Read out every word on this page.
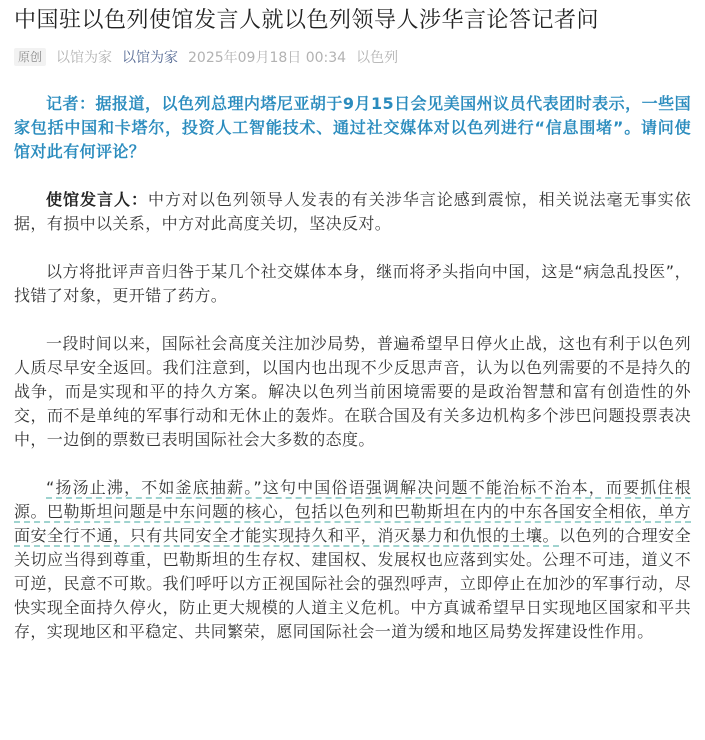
中国驻以色列使馆发言人就以色列领导人涉华言论答记者问
原创 以馆为家 以馆为家 2025年09月18日 00:34 以色列

记者：据报道，以色列总理内塔尼亚胡于9月15日会见美国州议员代表团时表示，一些国家包括中国和卡塔尔，投资人工智能技术、通过社交媒体对以色列进行“信息围堵”。请问使馆对此有何评论？

使馆发言人：中方对以色列领导人发表的有关涉华言论感到震惊，相关说法毫无事实依据，有损中以关系，中方对此高度关切，坚决反对。

以方将批评声音归咎于某几个社交媒体本身，继而将矛头指向中国，这是“病急乱投医”，找错了对象，更开错了药方。

一段时间以来，国际社会高度关注加沙局势，普遍希望早日停火止战，这也有利于以色列人质尽早安全返回。我们注意到，以国内也出现不少反思声音，认为以色列需要的不是持久的战争，而是实现和平的持久方案。解决以色列当前困境需要的是政治智慧和富有创造性的外交，而不是单纯的军事行动和无休止的轰炸。在联合国及有关多边机构多个涉巴问题投票表决中，一边倒的票数已表明国际社会大多数的态度。

“扬汤止沸，不如釜底抽薪。”这句中国俗语强调解决问题不能治标不治本，而要抓住根源。巴勒斯坦问题是中东问题的核心，包括以色列和巴勒斯坦在内的中东各国安全相依，单方面安全行不通，只有共同安全才能实现持久和平，消灭暴力和仇恨的土壤。以色列的合理安全关切应当得到尊重，巴勒斯坦的生存权、建国权、发展权也应落到实处。公理不可违，道义不可逆，民意不可欺。我们呼吁以方正视国际社会的强烈呼声，立即停止在加沙的军事行动，尽快实现全面持久停火，防止更大规模的人道主义危机。中方真诚希望早日实现地区国家和平共存，实现地区和平稳定、共同繁荣，愿同国际社会一道为缓和地区局势发挥建设性作用。
